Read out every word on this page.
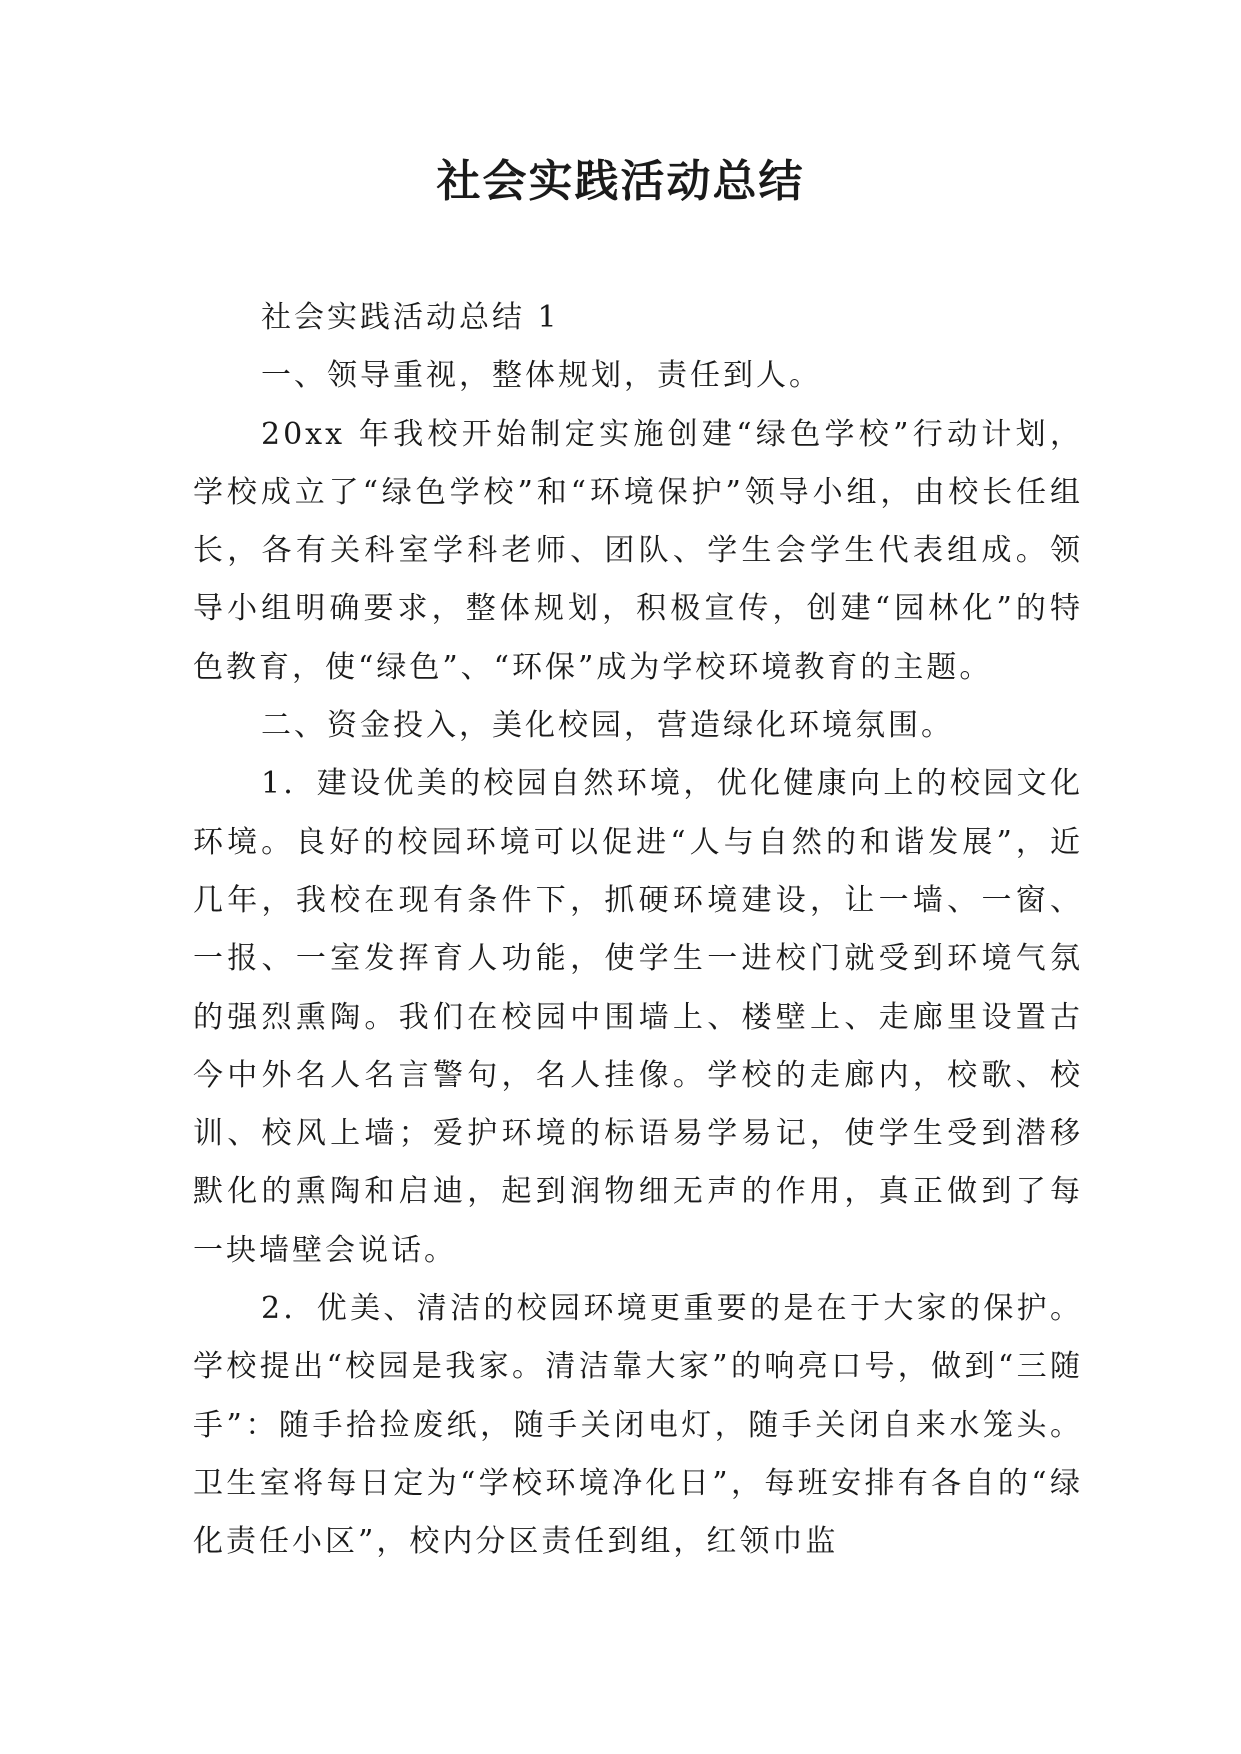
社会实践活动总结

社会实践活动总结 1

一、领导重视，整体规划，责任到人。

20xx 年我校开始制定实施创建“绿色学校”行动计划，学校成立了“绿色学校”和“环境保护”领导小组，由校长任组长，各有关科室学科老师、团队、学生会学生代表组成。领导小组明确要求，整体规划，积极宣传，创建“园林化”的特色教育，使“绿色”、“环保”成为学校环境教育的主题。

二、资金投入，美化校园，营造绿化环境氛围。

1．建设优美的校园自然环境，优化健康向上的校园文化环境。良好的校园环境可以促进“人与自然的和谐发展”，近几年，我校在现有条件下，抓硬环境建设，让一墙、一窗、一报、一室发挥育人功能，使学生一进校门就受到环境气氛的强烈熏陶。我们在校园中围墙上、楼壁上、走廊里设置古今中外名人名言警句，名人挂像。学校的走廊内，校歌、校训、校风上墙；爱护环境的标语易学易记，使学生受到潜移默化的熏陶和启迪，起到润物细无声的作用，真正做到了每一块墙壁会说话。

2．优美、清洁的校园环境更重要的是在于大家的保护。学校提出“校园是我家。清洁靠大家”的响亮口号，做到“三随手”：随手拾捡废纸，随手关闭电灯，随手关闭自来水笼头。卫生室将每日定为“学校环境净化日”，每班安排有各自的“绿化责任小区”，校内分区责任到组，红领巾监
